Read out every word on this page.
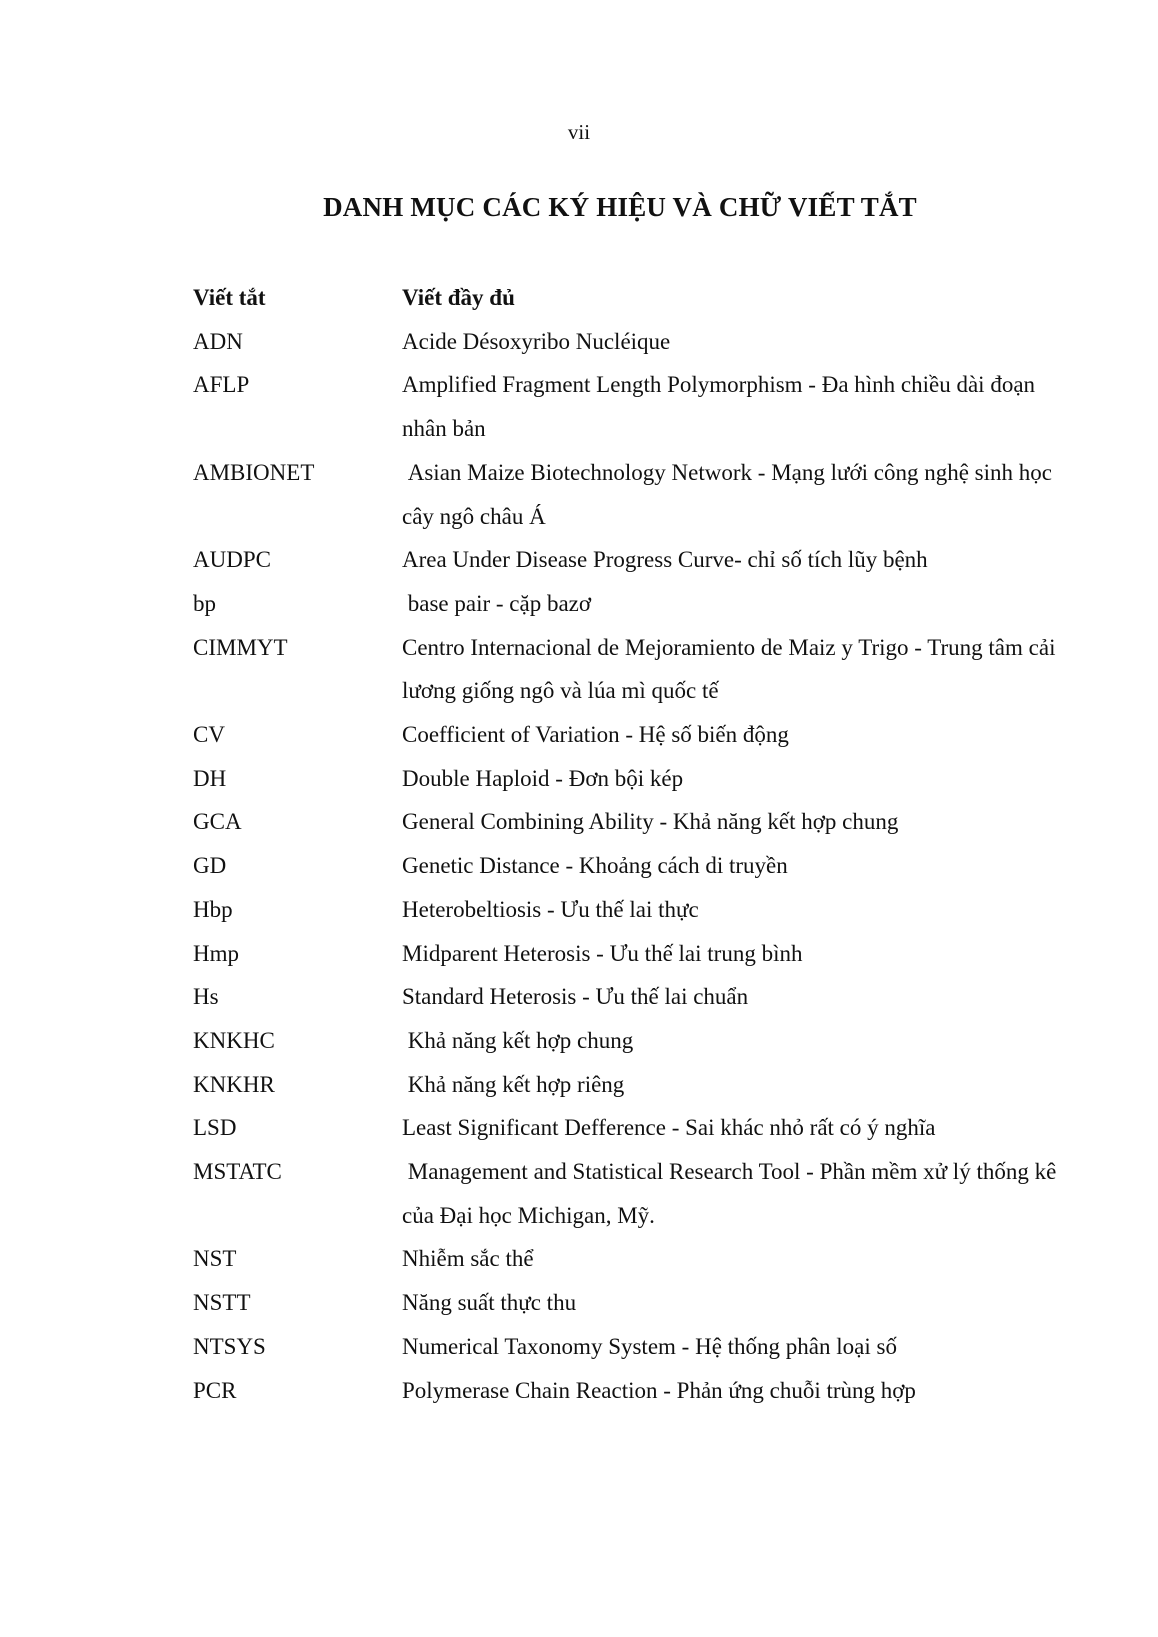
vii
DANH MỤC CÁC KÝ HIỆU VÀ CHỮ VIẾT TẮT
Viết tắt	Viết đầy đủ
ADN	Acide Désoxyribo Nucléique
AFLP	Amplified Fragment Length Polymorphism - Đa hình chiều dài đoạn nhân bản
AMBIONET	Asian Maize Biotechnology Network - Mạng lưới công nghệ sinh học cây ngô châu Á
AUDPC	Area Under Disease Progress Curve- chỉ số tích lũy bệnh
bp	base pair - cặp bazơ
CIMMYT	Centro Internacional de Mejoramiento de Maiz y Trigo - Trung tâm cải lương giống ngô và lúa mì quốc tế
CV	Coefficient of Variation - Hệ số biến động
DH	Double Haploid - Đơn bội kép
GCA	General Combining Ability - Khả năng kết hợp chung
GD	Genetic Distance - Khoảng cách di truyền
Hbp	Heterobeltiosis - Ưu thế lai thực
Hmp	Midparent Heterosis - Ưu thế lai trung bình
Hs	Standard Heterosis - Ưu thế lai chuẩn
KNKHC	Khả năng kết hợp chung
KNKHR	Khả năng kết hợp riêng
LSD	Least Significant Defference - Sai khác nhỏ rất có ý nghĩa
MSTATC	Management and Statistical Research Tool - Phần mềm xử lý thống kê của Đại học Michigan, Mỹ.
NST	Nhiễm sắc thể
NSTT	Năng suất thực thu
NTSYS	Numerical Taxonomy System - Hệ thống phân loại số
PCR	Polymerase Chain Reaction - Phản ứng chuỗi trùng hợp
